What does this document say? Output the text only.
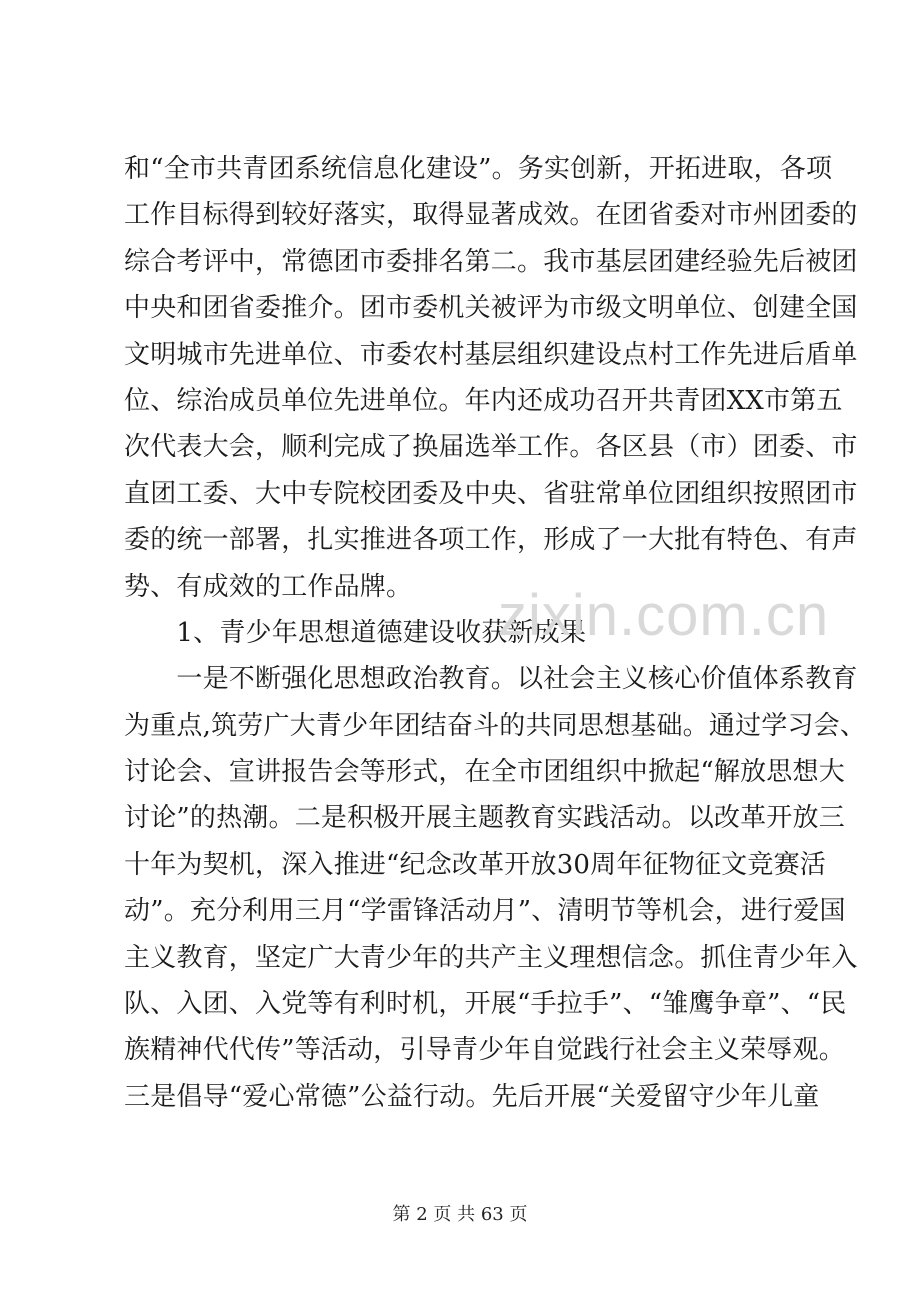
和“全市共青团系统信息化建设”。务实创新，开拓进取，各项
工作目标得到较好落实，取得显著成效。在团省委对市州团委的
综合考评中，常德团市委排名第二。我市基层团建经验先后被团
中央和团省委推介。团市委机关被评为市级文明单位、创建全国
文明城市先进单位、市委农村基层组织建设点村工作先进后盾单
位、综治成员单位先进单位。年内还成功召开共青团XX市第五
次代表大会，顺利完成了换届选举工作。各区县（市）团委、市
直团工委、大中专院校团委及中央、省驻常单位团组织按照团市
委的统一部署，扎实推进各项工作，形成了一大批有特色、有声
势、有成效的工作品牌。
　　1、青少年思想道德建设收获新成果
　　一是不断强化思想政治教育。以社会主义核心价值体系教育
为重点,筑劳广大青少年团结奋斗的共同思想基础。通过学习会、
讨论会、宣讲报告会等形式，在全市团组织中掀起“解放思想大
讨论”的热潮。二是积极开展主题教育实践活动。以改革开放三
十年为契机，深入推进“纪念改革开放30周年征物征文竞赛活
动”。充分利用三月“学雷锋活动月”、清明节等机会，进行爱国
主义教育，坚定广大青少年的共产主义理想信念。抓住青少年入
队、入团、入党等有利时机，开展“手拉手”、“雏鹰争章”、“民
族精神代代传”等活动，引导青少年自觉践行社会主义荣辱观。
三是倡导“爱心常德”公益行动。先后开展“关爱留守少年儿童
zixin.com.cn
第 2 页 共 63 页
